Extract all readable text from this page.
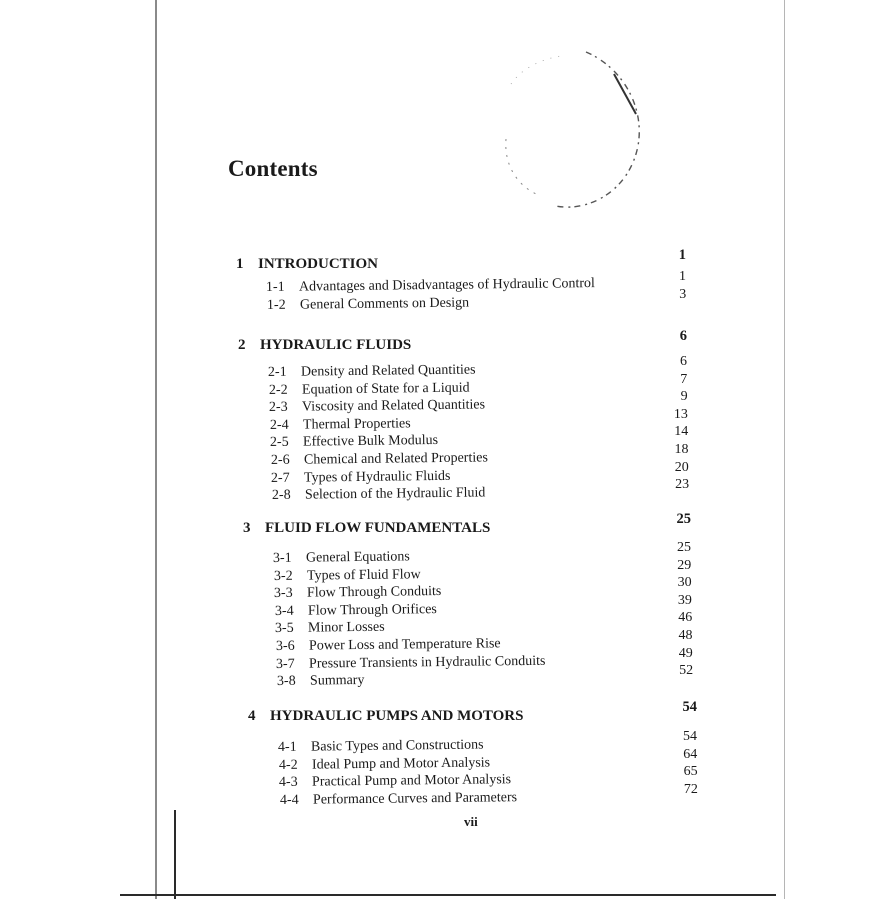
Contents
1 INTRODUCTION
1
1-1 Advantages and Disadvantages of Hydraulic Control	1
1-2 General Comments on Design
3
2 HYDRAULIC FLUIDS
6
2-1 Density and Related Quantities
6
2-2 Equation of State for a Liquid
7
2-3 Viscosity and Related Quantities
9
2-4 Thermal Properties
13
2-5 Effective Bulk Modulus
14
2-6 Chemical and Related Properties
18
2-7 Types of Hydraulic Fluids
20
2-8 Selection of the Hydraulic Fluid
23
3 FLUID FLOW FUNDAMENTALS
25
3-1 General Equations
25
3-2 Types of Fluid Flow
29
3-3 Flow Through Conduits
30
3-4 Flow Through Orifices
39
3-5 Minor Losses
46
3-6 Power Loss and Temperature Rise
48
3-7 Pressure Transients in Hydraulic Conduits
49
3-8 Summary
52
4 HYDRAULIC PUMPS AND MOTORS
54
4-1 Basic Types and Constructions
54
4-2 Ideal Pump and Motor Analysis
64
4-3 Practical Pump and Motor Analysis
65
4-4 Performance Curves and Parameters
72
vii
